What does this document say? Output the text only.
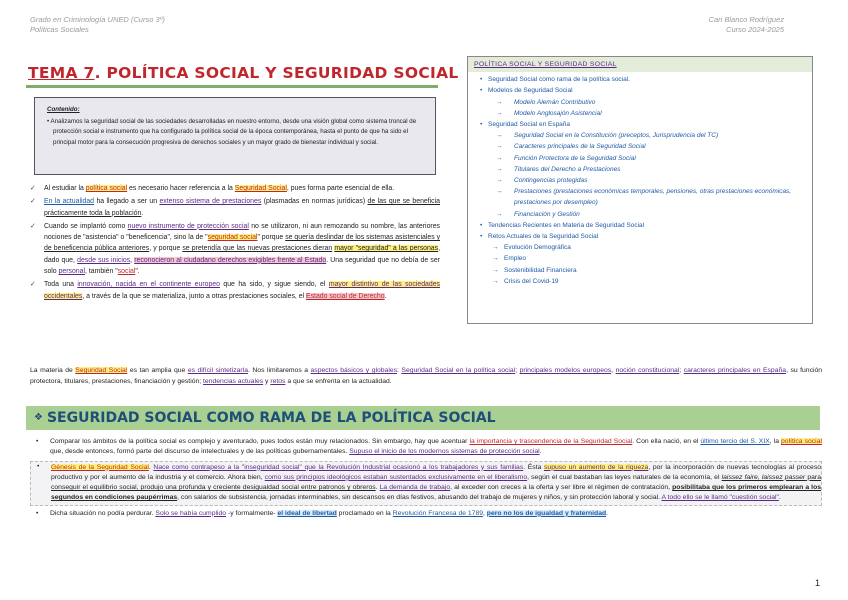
Grado en Criminología UNED (Curso 3º)
Políticas Sociales
Cari Blanco Rodríguez
Curso 2024-2025
TEMA 7. POLÍTICA SOCIAL Y SEGURIDAD SOCIAL
Contenido:
• Analizamos la seguridad social de las sociedades desarrolladas en nuestro entorno, desde una visión global como sistema troncal de protección social e instrumento que ha configurado la política social de la época contemporánea, hasta el punto de que ha sido el principal motor para la consecución progresiva de derechos sociales y un mayor grado de bienestar individual y social.
✓ Al estudiar la política social es necesario hacer referencia a la Seguridad Social, pues forma parte esencial de ella.
✓ En la actualidad ha llegado a ser un extenso sistema de prestaciones (plasmadas en normas jurídicas) de las que se beneficia prácticamente toda la población.
✓ Cuando se implantó como nuevo instrumento de protección social no se utilizaron, ni aun remozando su nombre, las anteriores nociones de "asistencia" o "beneficencia", sino la de "seguridad social" porque se quería deslindar de los sistemas asistenciales y de beneficencia pública anteriores, y porque se pretendía que las nuevas prestaciones dieran mayor "seguridad" a las personas, dado que, desde sus inicios, reconocieron al ciudadano derechos exigibles frente al Estado. Una seguridad que no debía de ser solo personal, también "social".
✓ Toda una innovación, nacida en el continente europeo que ha sido, y sigue siendo, el mayor distintivo de las sociedades occidentales, a través de la que se materializa, junto a otras prestaciones sociales, el Estado social de Derecho.
POLÍTICA SOCIAL Y SEGURIDAD SOCIAL
• Seguridad Social como rama de la política social.
• Modelos de Seguridad Social
→ Modelo Alemán Contributivo
→ Modelo Anglosajón Asistencial
• Seguridad Social en España
→ Seguridad Social en la Constitución (preceptos, Jurisprudencia del TC)
→ Caracteres principales de la Seguridad Social
→ Función Protectora de la Seguridad Social
→ Titulares del Derecho a Prestaciones
→ Contingencias protegidas
→ Prestaciones (prestaciones económicas temporales, pensiones, otras prestaciones económicas, prestaciones por desempleo)
→ Financiación y Gestión
• Tendencias Recientes en Materia de Seguridad Social
• Retos Actuales de la Seguridad Social
→ Evolución Demográfica
→ Empleo
→ Sostenibilidad Financiera
→ Crisis del Covid-19
La materia de Seguridad Social es tan amplia que es difícil sintetizarla. Nos limitaremos a aspectos básicos y globales: Seguridad Social en la política social; principales modelos europeos, noción constitucional; caracteres principales en España, su función protectora, titulares, prestaciones, financiación y gestión; tendencias actuales y retos a que se enfrenta en la actualidad.
❖ SEGURIDAD SOCIAL COMO RAMA DE LA POLÍTICA SOCIAL
• Comparar los ámbitos de la política social es complejo y aventurado, pues todos están muy relacionados. Sin embargo, hay que acentuar la importancia y trascendencia de la Seguridad Social. Con ella nació, en el último tercio del S. XIX, la política social que, desde entonces, formó parte del discurso de intelectuales y de las políticas gubernamentales. Supuso el inicio de los modernos sistemas de protección social.
• Génesis de la Seguridad Social. Nace como contrapeso a la "inseguridad social" que la Revolución Industrial ocasionó a los trabajadores y sus familias. Ésta supuso un aumento de la riqueza, por la incorporación de nuevas tecnologías al proceso productivo y por el aumento de la industria y el comercio. Ahora bien, como sus principios ideológicos estaban sustentados exclusivamente en el liberalismo, según el cual bastaban las leyes naturales de la economía, el laissez faire, laissez passer para conseguir el equilibrio social, produjo una profunda y creciente desigualdad social entre patronos y obreros. La demanda de trabajo, al exceder con creces a la oferta y ser libre el régimen de contratación, posibilitaba que los primeros emplearan a los segundos en condiciones paupérrimas, con salarios de subsistencia, jornadas interminables, sin descansos en días festivos, abusando del trabajo de mujeres y niños, y sin protección laboral y social. A todo ello se le llamó "cuestión social".
• Dicha situación no podía perdurar. Solo se había cumplido -y formalmente- el ideal de libertad proclamado en la Revolución Francesa de 1789, pero no los de igualdad y fraternidad.
1
